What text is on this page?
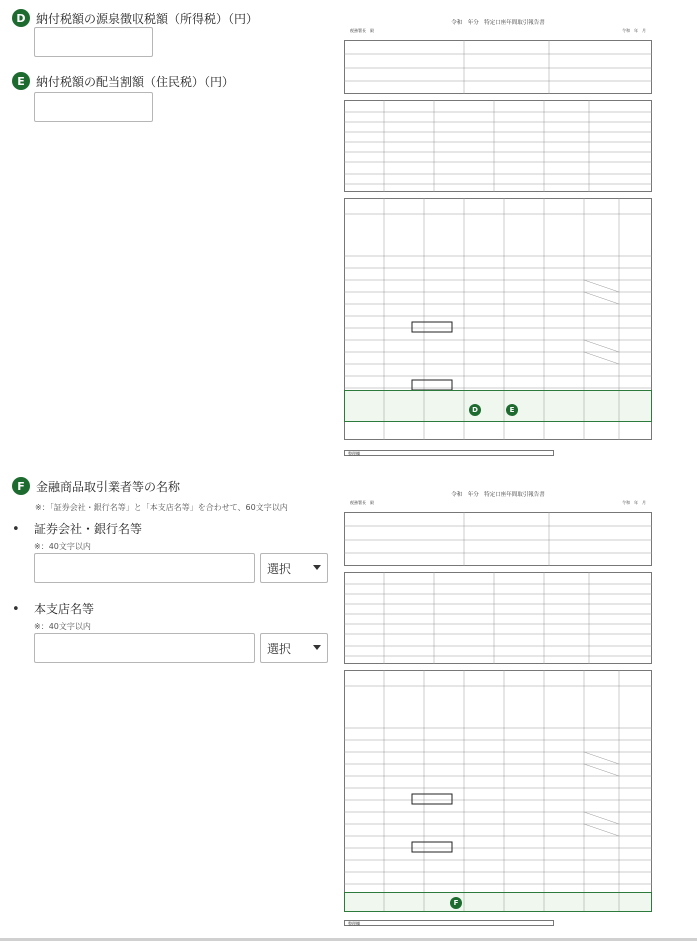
D 納付税額の源泉徴収税額（所得税）（円）
E 納付税額の配当割額（住民税）（円）
F 金融商品取引業者等の名称
※：「証券会社・銀行名等」と「本支店名等」を合わせて、60文字以内
• 証券会社・銀行名等
※：40文字以内
選択
• 本支店名等
※：40文字以内
選択
令和　年分　特定口座年間取引報告書
税務署長　殿	令和　年　月
D	E
整理欄
令和　年分　特定口座年間取引報告書
税務署長　殿	令和　年　月
F
整理欄
